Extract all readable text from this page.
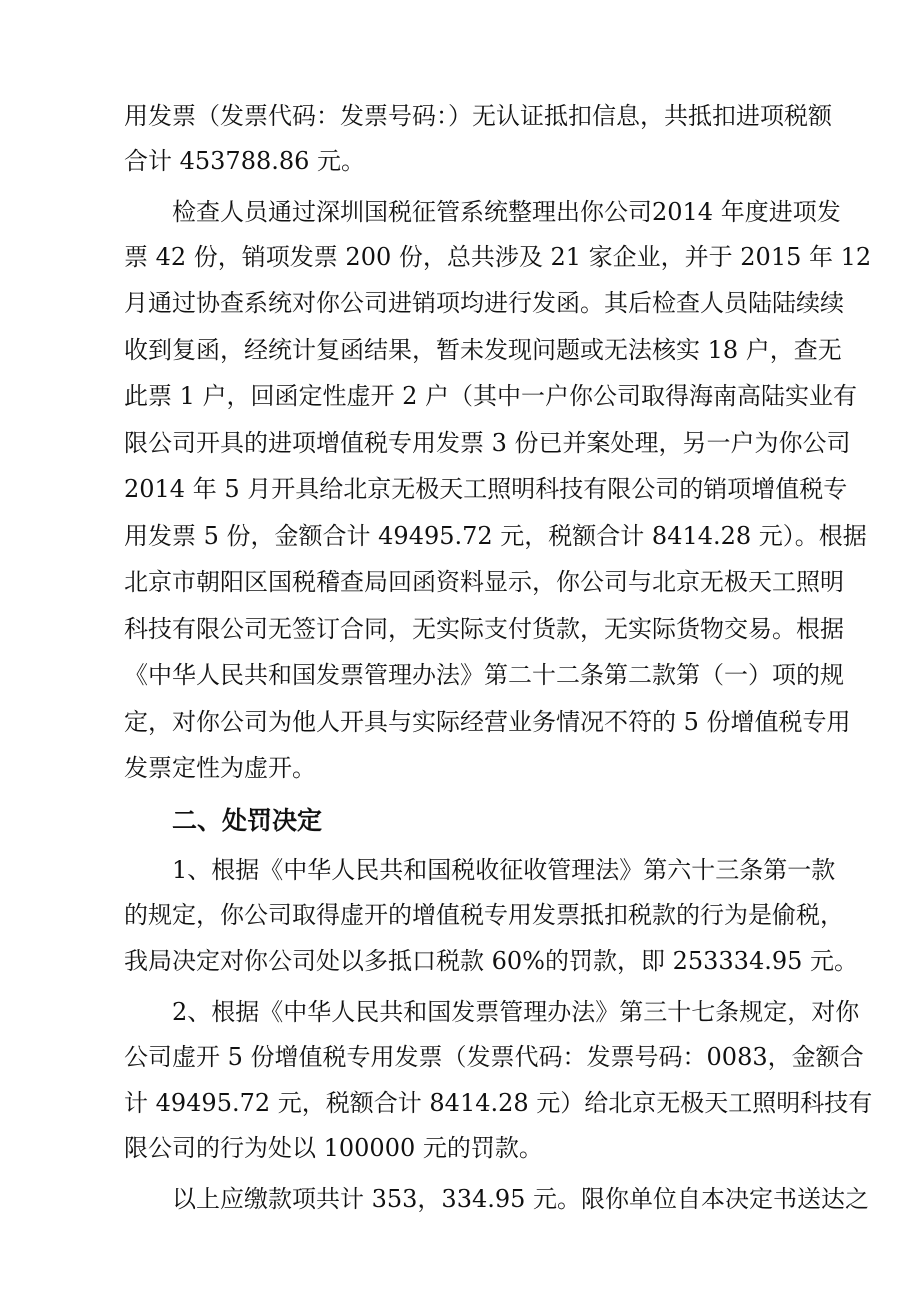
用发票（发票代码：发票号码：）无认证抵扣信息，共抵扣进项税额
合计 453788.86 元。
检查人员通过深圳国税征管系统整理出你公司2014 年度进项发
票 42 份，销项发票 200 份，总共涉及 21 家企业，并于 2015 年 12
月通过协查系统对你公司进销项均进行发函。其后检查人员陆陆续续
收到复函，经统计复函结果，暂未发现问题或无法核实 18 户，查无
此票 1 户，回函定性虚开 2 户（其中一户你公司取得海南高陆实业有
限公司开具的进项增值税专用发票 3 份已并案处理，另一户为你公司
2014 年 5 月开具给北京无极天工照明科技有限公司的销项增值税专
用发票 5 份，金额合计 49495.72 元，税额合计 8414.28 元）。根据
北京市朝阳区国税稽查局回函资料显示，你公司与北京无极天工照明
科技有限公司无签订合同，无实际支付货款，无实际货物交易。根据
《中华人民共和国发票管理办法》第二十二条第二款第（一）项的规
定，对你公司为他人开具与实际经营业务情况不符的 5 份增值税专用
发票定性为虚开。
二、处罚决定
1、根据《中华人民共和国税收征收管理法》第六十三条第一款
的规定，你公司取得虚开的增值税专用发票抵扣税款的行为是偷税，
我局决定对你公司处以多抵口税款 60%的罚款，即 253334.95 元。
2、根据《中华人民共和国发票管理办法》第三十七条规定，对你
公司虚开 5 份增值税专用发票（发票代码：发票号码：0083，金额合
计 49495.72 元，税额合计 8414.28 元）给北京无极天工照明科技有
限公司的行为处以 100000 元的罚款。
以上应缴款项共计 353，334.95 元。限你单位自本决定书送达之
